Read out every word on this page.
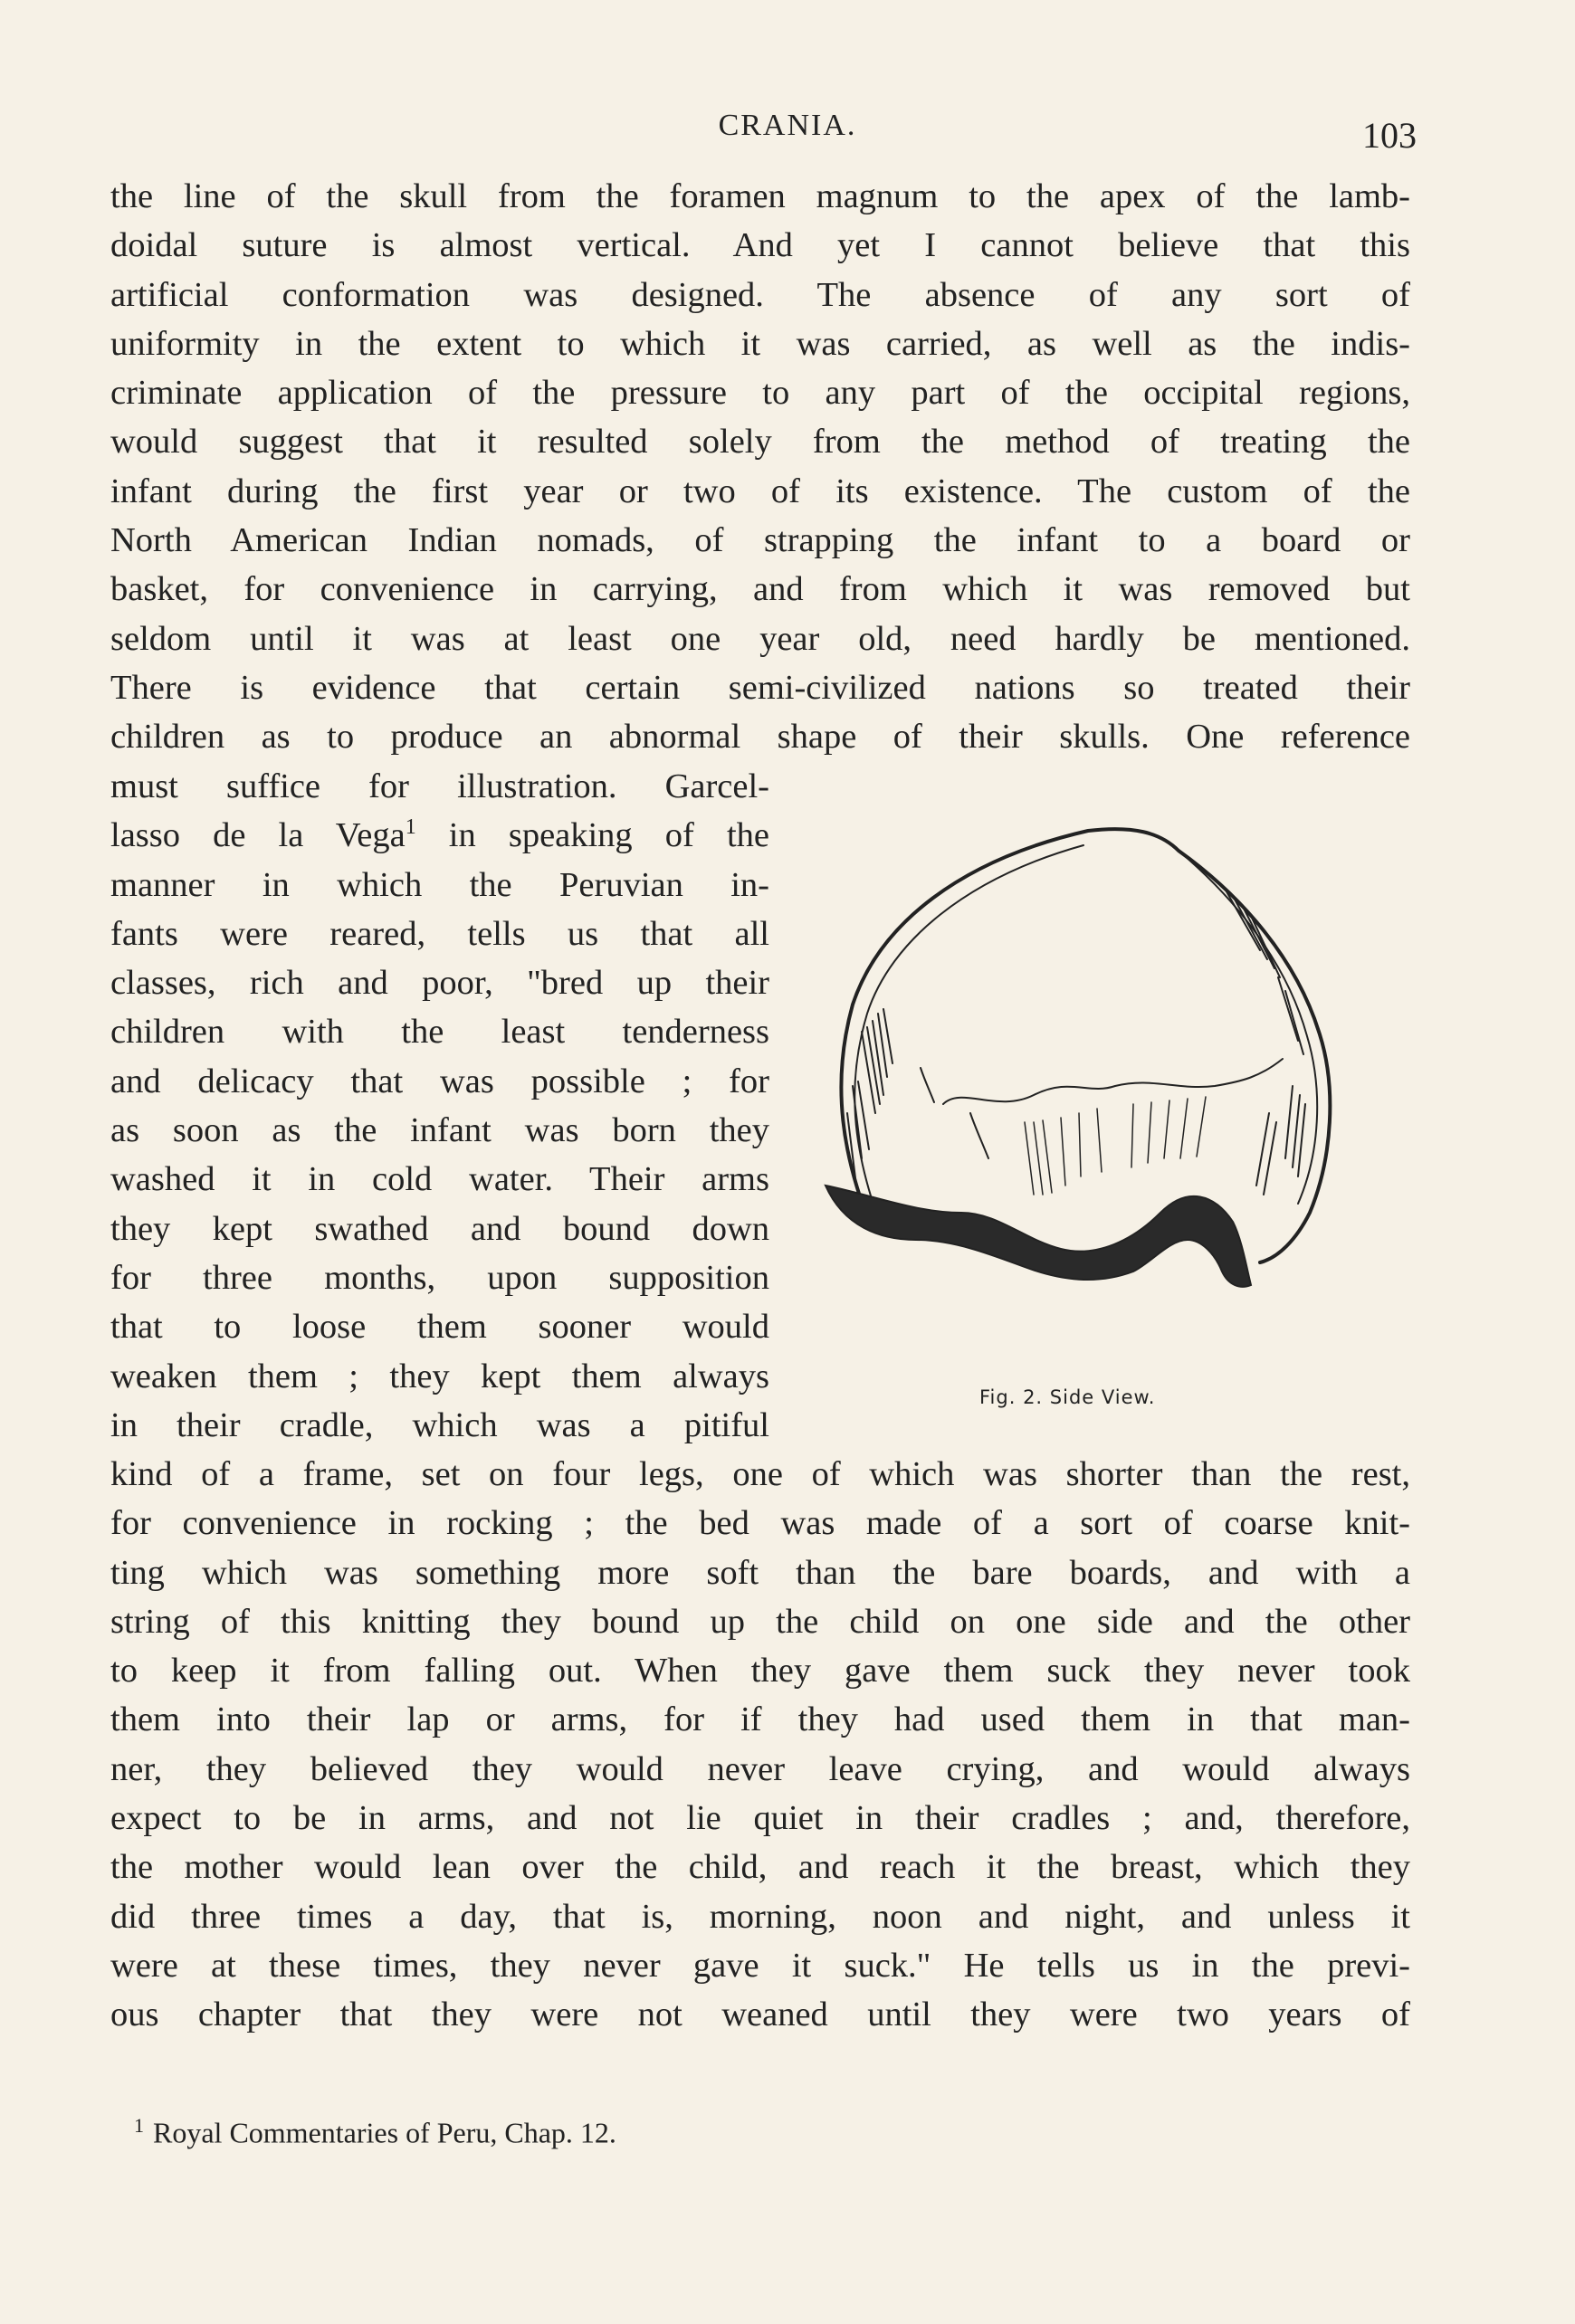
CRANIA.	103
the line of the skull from the foramen magnum to the apex of the lamb-
doidal suture is almost vertical. And yet I cannot believe that this
artificial conformation was designed. The absence of any sort of
uniformity in the extent to which it was carried, as well as the indis-
criminate application of the pressure to any part of the occipital regions,
would suggest that it resulted solely from the method of treating the
infant during the first year or two of its existence. The custom of the
North American Indian nomads, of strapping the infant to a board or
basket, for convenience in carrying, and from which it was removed but
seldom until it was at least one year old, need hardly be mentioned.
There is evidence that certain semi-civilized nations so treated their
children as to produce an abnormal shape of their skulls. One reference
must suffice for illustration. Garcel-
lasso de la Vega$^1$ in speaking of the
manner in which the Peruvian in-
fants were reared, tells us that all
classes, rich and poor, "bred up their
children with the least tenderness
and delicacy that was possible ; for
as soon as the infant was born they
washed it in cold water. Their arms
they kept swathed and bound down
for three months, upon supposition
that to loose them sooner would
weaken them ; they kept them always
in their cradle, which was a pitiful
Fig. 2. Side View.
kind of a frame, set on four legs, one of which was shorter than the rest,
for convenience in rocking ; the bed was made of a sort of coarse knit-
ting which was something more soft than the bare boards, and with a
string of this knitting they bound up the child on one side and the other
to keep it from falling out. When they gave them suck they never took
them into their lap or arms, for if they had used them in that man-
ner, they believed they would never leave crying, and would always
expect to be in arms, and not lie quiet in their cradles ; and, therefore,
the mother would lean over the child, and reach it the breast, which they
did three times a day, that is, morning, noon and night, and unless it
were at these times, they never gave it suck." He tells us in the previ-
ous chapter that they were not weaned until they were two years of
$^1$ Royal Commentaries of Peru, Chap. 12.
